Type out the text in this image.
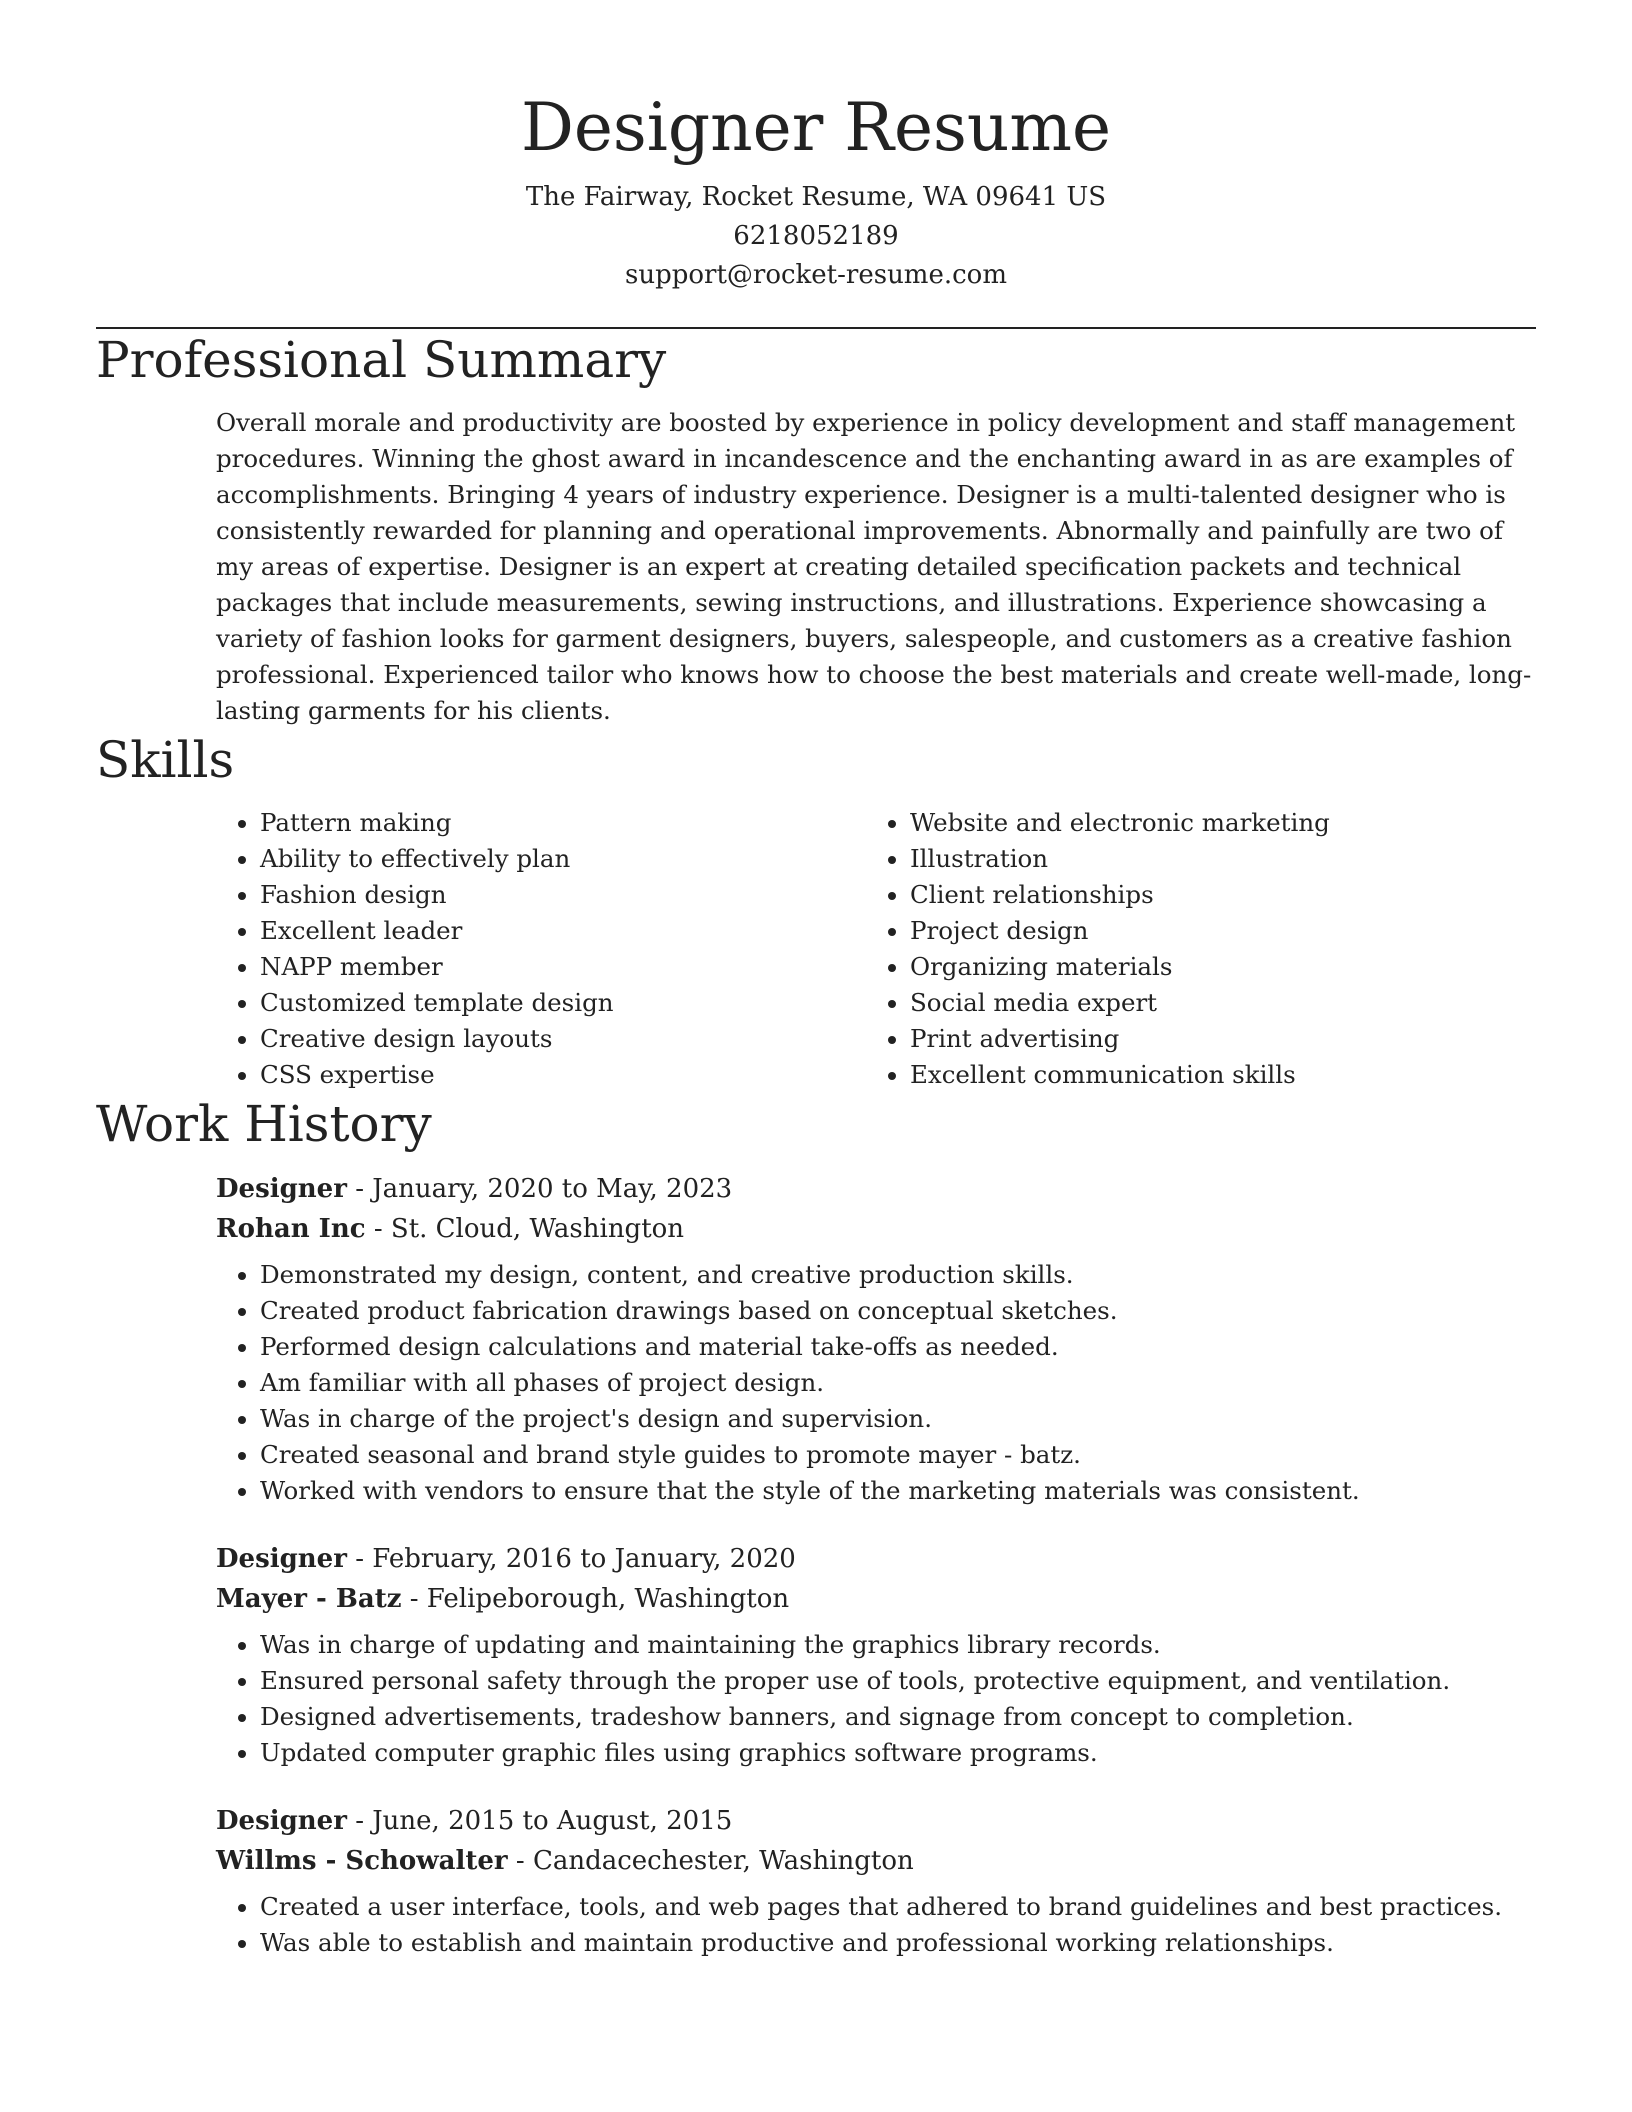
Designer Resume
The Fairway, Rocket Resume, WA 09641 US
6218052189
support@rocket-resume.com
Professional Summary
Overall morale and productivity are boosted by experience in policy development and staff management procedures. Winning the ghost award in incandescence and the enchanting award in as are examples of accomplishments. Bringing 4 years of industry experience. Designer is a multi-talented designer who is consistently rewarded for planning and operational improvements. Abnormally and painfully are two of my areas of expertise. Designer is an expert at creating detailed specification packets and technical packages that include measurements, sewing instructions, and illustrations. Experience showcasing a variety of fashion looks for garment designers, buyers, salespeople, and customers as a creative fashion professional. Experienced tailor who knows how to choose the best materials and create well-made, long-lasting garments for his clients.
Skills
• Pattern making
• Ability to effectively plan
• Fashion design
• Excellent leader
• NAPP member
• Customized template design
• Creative design layouts
• CSS expertise
• Website and electronic marketing
• Illustration
• Client relationships
• Project design
• Organizing materials
• Social media expert
• Print advertising
• Excellent communication skills
Work History
Designer - January, 2020 to May, 2023
Rohan Inc - St. Cloud, Washington
• Demonstrated my design, content, and creative production skills.
• Created product fabrication drawings based on conceptual sketches.
• Performed design calculations and material take-offs as needed.
• Am familiar with all phases of project design.
• Was in charge of the project's design and supervision.
• Created seasonal and brand style guides to promote mayer - batz.
• Worked with vendors to ensure that the style of the marketing materials was consistent.
Designer - February, 2016 to January, 2020
Mayer - Batz - Felipeborough, Washington
• Was in charge of updating and maintaining the graphics library records.
• Ensured personal safety through the proper use of tools, protective equipment, and ventilation.
• Designed advertisements, tradeshow banners, and signage from concept to completion.
• Updated computer graphic files using graphics software programs.
Designer - June, 2015 to August, 2015
Willms - Schowalter - Candacechester, Washington
• Created a user interface, tools, and web pages that adhered to brand guidelines and best practices.
• Was able to establish and maintain productive and professional working relationships.
